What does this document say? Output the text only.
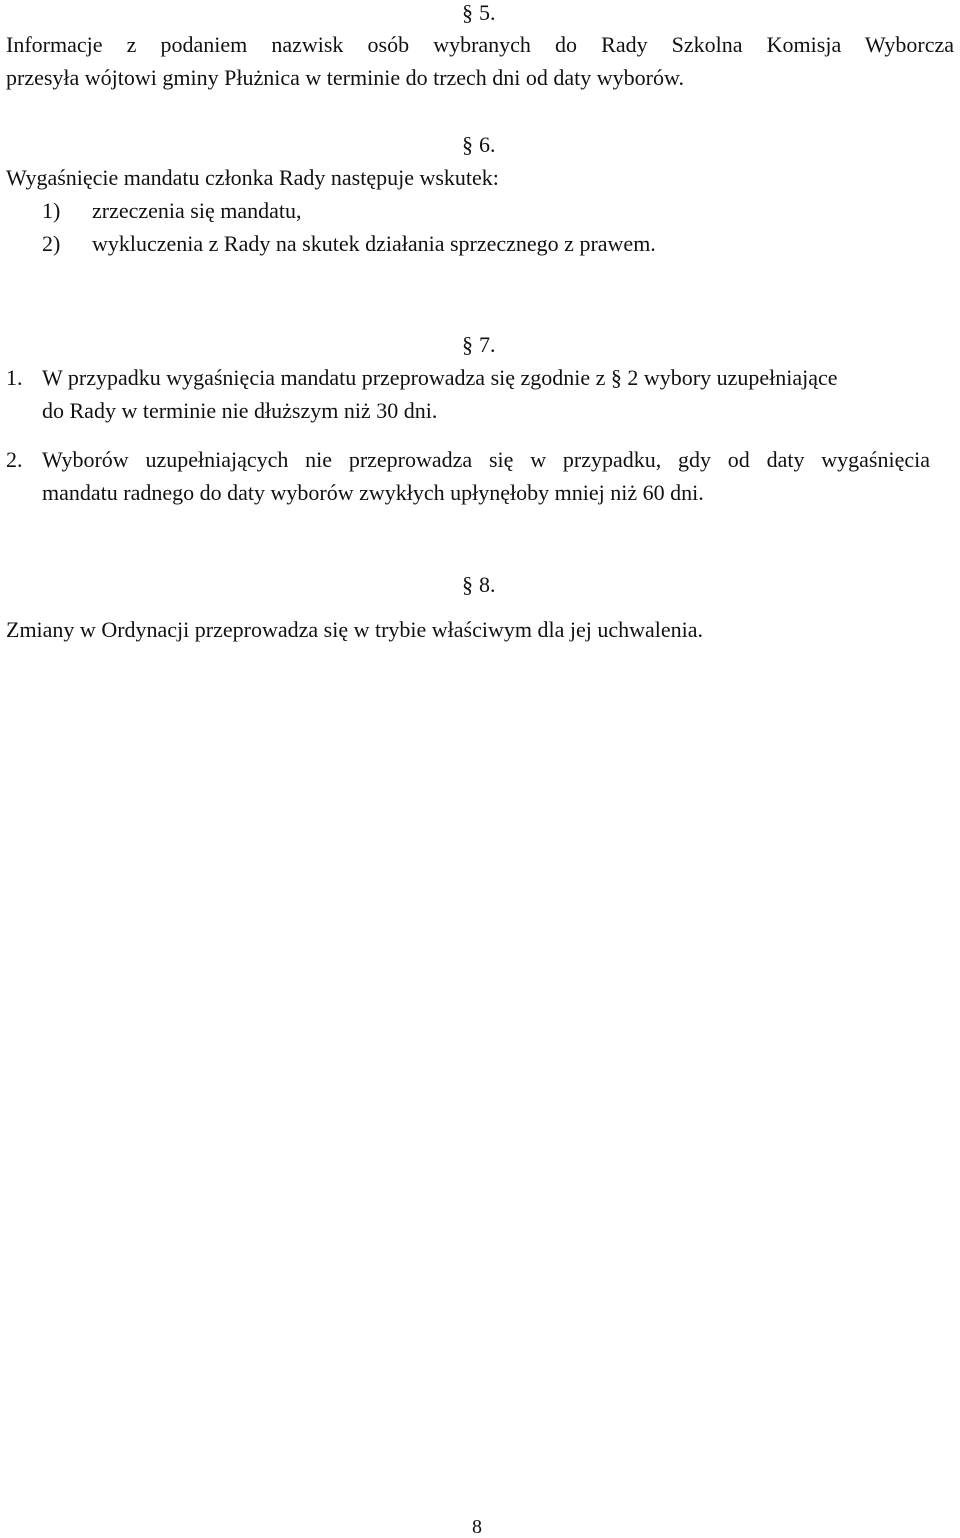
§ 5.
Informacje z podaniem nazwisk osób wybranych do Rady Szkolna Komisja Wyborcza
przesyła wójtowi gminy Płużnica w terminie do trzech dni od daty wyborów.
§ 6.
Wygaśnięcie mandatu członka Rady następuje wskutek:
1) zrzeczenia się mandatu,
2) wykluczenia z Rady na skutek działania sprzecznego z prawem.
§ 7.
1. W przypadku wygaśnięcia mandatu przeprowadza się zgodnie z § 2 wybory uzupełniające
do Rady w terminie nie dłuższym niż 30 dni.
2. Wyborów uzupełniających nie przeprowadza się w przypadku, gdy od daty wygaśnięcia
mandatu radnego do daty wyborów zwykłych upłynęłoby mniej niż 60 dni.
§ 8.
Zmiany w Ordynacji przeprowadza się w trybie właściwym dla jej uchwalenia.
8
